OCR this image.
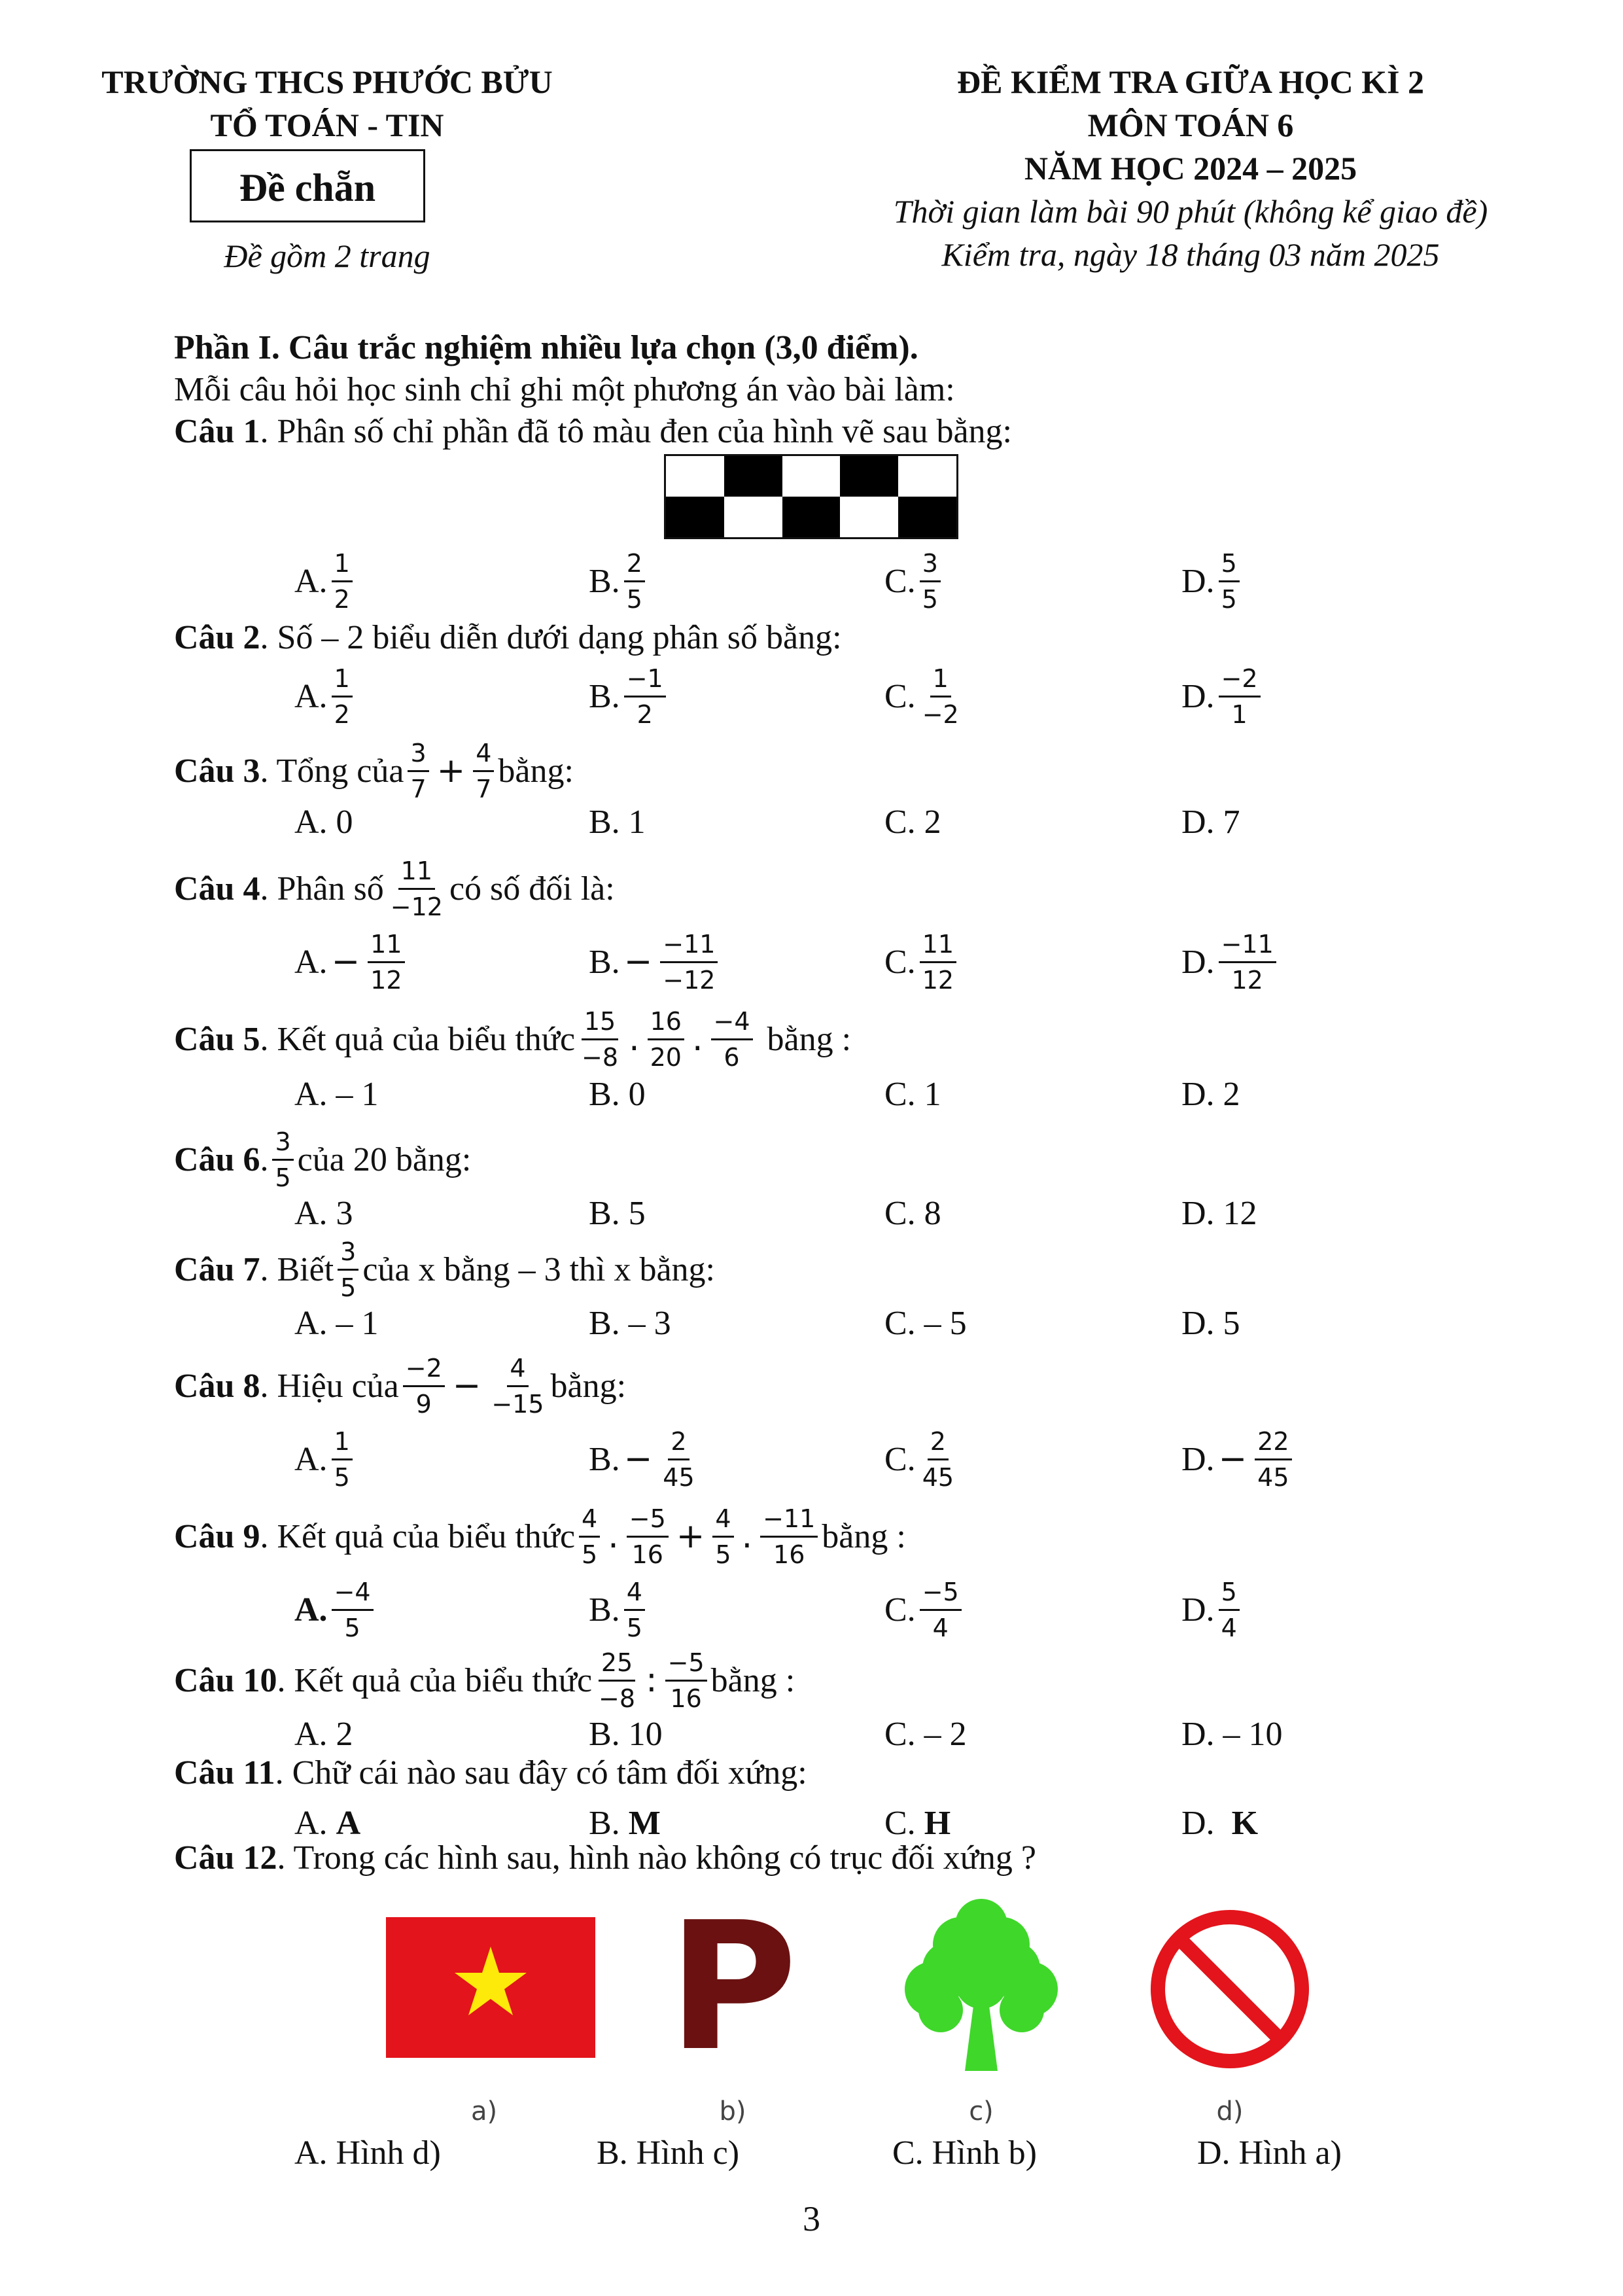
TRƯỜNG THCS PHƯỚC BỬU
TỔ TOÁN - TIN
Đề chẵn
Đề gồm 2 trang
ĐỀ KIỂM TRA GIỮA HỌC KÌ 2
MÔN TOÁN 6
NĂM HỌC 2024 – 2025
Thời gian làm bài 90 phút (không kể giao đề)
Kiểm tra, ngày 18 tháng 03 năm 2025
Phần I. Câu trắc nghiệm nhiều lựa chọn (3,0 điểm).
Mỗi câu hỏi học sinh chỉ ghi một phương án vào bài làm:
Câu 1. Phân số chỉ phần đã tô màu đen của hình vẽ sau bằng:
A. $\frac{1}{2}$	B. $\frac{2}{5}$	C. $\frac{3}{5}$	D. $\frac{5}{5}$
Câu 2. Số – 2 biểu diễn dưới dạng phân số bằng:
A. $\frac{1}{2}$	B. $\frac{-1}{2}$	C. $\frac{1}{-2}$	D. $\frac{-2}{1}$
Câu 3 . Tổng của $\frac{3}{7} + \frac{4}{7}$ bằng:
A. 0	B. 1	C. 2	D. 7
Câu 4 . Phân số $\frac{11}{-12}$ có số đối là:
A. − $\frac{11}{12}$	B. − $\frac{-11}{-12}$	C. $\frac{11}{12}$	D. $\frac{-11}{12}$
Câu 5 . Kết quả của biểu thức $\frac{15}{-8}$ . $\frac{16}{20}$ . $\frac{-4}{6}$ bằng :
A. – 1	B. 0	C. 1	D. 2
Câu 6 . $\frac{3}{5}$ của 20 bằng:
A. 3	B. 5	C. 8	D. 12
Câu 7 . Biết $\frac{3}{5}$ của x bằng – 3 thì x bằng:
A. – 1	B. – 3	C. – 5	D. 5
Câu 8 . Hiệu của $\frac{-2}{9} - \frac{4}{-15}$ bằng:
A. $\frac{1}{5}$	B. − $\frac{2}{45}$	C. $\frac{2}{45}$	D. − $\frac{22}{45}$
Câu 9 . Kết quả của biểu thức $\frac{4}{5}$ . $\frac{-5}{16} + \frac{4}{5}$ . $\frac{-11}{16}$ bằng :
A. $\frac{-4}{5}$	B. $\frac{4}{5}$	C. $\frac{-5}{4}$	D. $\frac{5}{4}$
Câu 10 . Kết quả của biểu thức $\frac{25}{-8}$ : $\frac{-5}{16}$ bằng :
A. 2	B. 10	C. – 2	D. – 10
Câu 11. Chữ cái nào sau đây có tâm đối xứng:
A.
A	B.
M	C.
H	D.
K
Câu 12. Trong các hình sau, hình nào không có trục đối xứng ?
a)
P
b)	c)	d)
A. Hình d)	B. Hình c)	C. Hình b)	D. Hình a)
3
